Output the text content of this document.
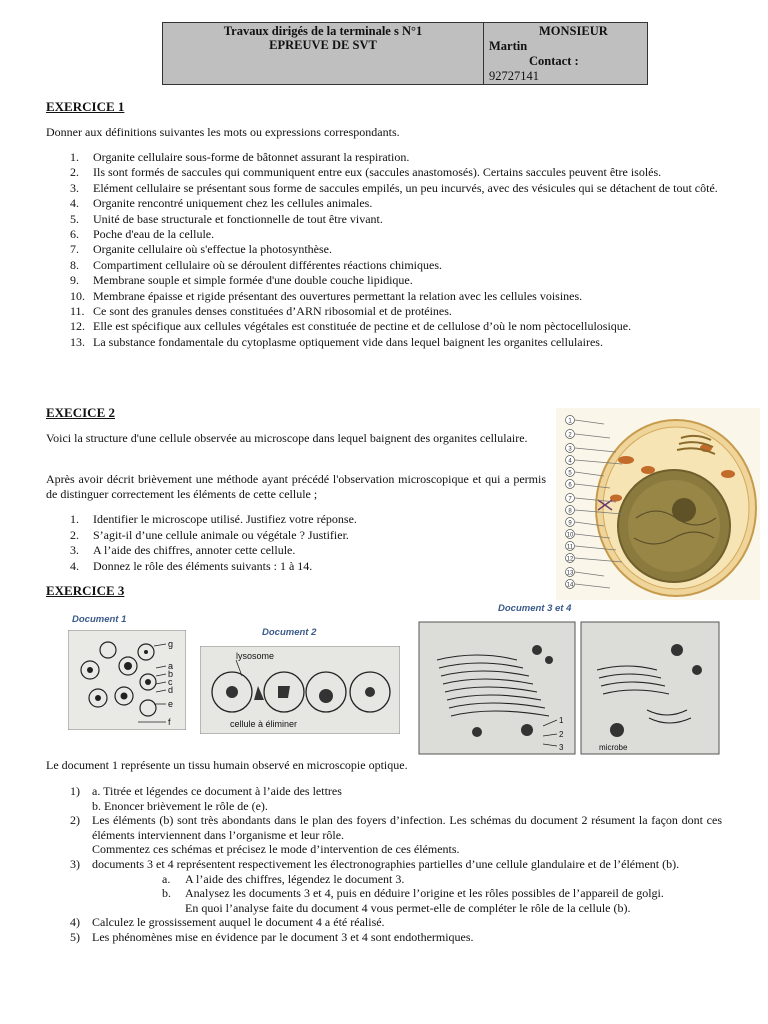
Travaux dirigés de la terminale s N°1
EPREUVE DE SVT
MONSIEUR
Martin
Contact :
92727141
EXERCICE 1

Donner aux définitions suivantes les mots ou expressions correspondants.

1. Organite cellulaire sous-forme de bâtonnet assurant la respiration.
2. Ils sont formés de saccules qui communiquent entre eux (saccules anastomosés). Certains saccules peuvent être isolés.
3. Elément cellulaire se présentant sous forme de saccules empilés, un peu incurvés, avec des vésicules qui se détachent de tout côté.
4. Organite rencontré uniquement chez les cellules animales.
5. Unité de base structurale et fonctionnelle de tout être vivant.
6. Poche d'eau de la cellule.
7. Organite cellulaire où s'effectue la photosynthèse.
8. Compartiment cellulaire où se déroulent différentes réactions chimiques.
9. Membrane souple et simple formée d'une double couche lipidique.
10. Membrane épaisse et rigide présentant des ouvertures permettant la relation avec les cellules voisines.
11. Ce sont des granules denses constituées d’ARN ribosomial et de protéines.
12. Elle est spécifique aux cellules végétales est constituée de pectine et de cellulose d’où le nom pèctocellulosique.
13. La substance fondamentale du cytoplasme optiquement vide dans lequel baignent les organites cellulaires.
EXECICE 2

Voici la structure d'une cellule observée au microscope dans lequel baignent des organites cellulaire.

Après avoir décrit brièvement une méthode ayant précédé l'observation microscopique et qui a permis de distinguer correctement les éléments de cette cellule ;

1. Identifier le microscope utilisé. Justifiez votre réponse.
2. S’agit-il d’une cellule animale ou végétale ? Justifier.
3. A l’aide des chiffres, annoter cette cellule.
4. Donnez le rôle des éléments suivants : 1 à 14.
1
2
3
4
5
6
7
8
9
10
11
12
13
14
EXERCICE 3
Document 1
g
a
b
c
d
e
f
Document 2
lysosome
cellule à éliminer
Document 3 et 4
1
2
3	microbe

Le document 1 représente un tissu humain observé en microscopie optique.

1) a. Titrée et légendes ce document à l’aide des lettres
b. Enoncer brièvement le rôle de (e).
2) Les éléments (b) sont très abondants dans le plan des foyers d’infection. Les schémas du document 2 résument la façon dont ces éléments interviennent dans l’organisme et leur rôle.
Commentez ces schémas et précisez le mode d’intervention de ces éléments.
3) documents 3 et 4 représentent respectivement les électronographies partielles d’une cellule glandulaire et de l’élément (b).
a. A l’aide des chiffres, légendez le document 3.
b. Analysez les documents 3 et 4, puis en déduire l’origine et les rôles possibles de l’appareil de golgi.
En quoi l’analyse faite du document 4 vous permet-elle de compléter le rôle de la cellule (b).
4) Calculez le grossissement auquel le document 4 a été réalisé.
5) Les phénomènes mise en évidence par le document 3 et 4 sont endothermiques.
